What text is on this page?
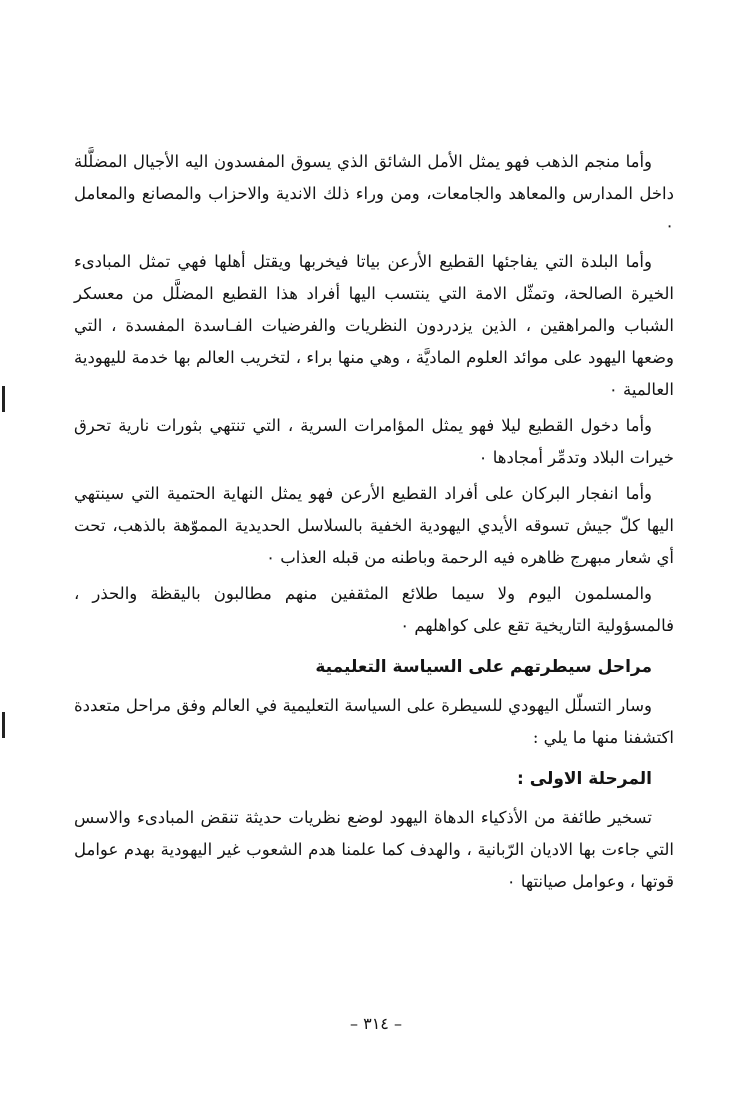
وأما منجم الذهب فهو يمثل الأمل الشائق الذي يسوق المفسدون اليه الأجيال المضلَّلة داخل المدارس والمعاهد والجامعات، ومن وراء ذلك الاندية والاحزاب والمصانع والمعامل ٠

وأما البلدة التي يفاجئها القطيع الأرعن بياتا فيخربها ويقتل أهلها فهي تمثل المبادىء الخيرة الصالحة، وتمثّل الامة التي ينتسب اليها أفراد هذا القطيع المضلَّل من معسكر الشباب والمراهقين ، الذين يزدردون النظريات والفرضيات الفـاسدة المفسدة ، التي وضعها اليهود على موائد العلوم الماديَّة ، وهي منها براء ، لتخريب العالم بها خدمة لليهودية العالمية ٠

وأما دخول القطيع ليلا فهو يمثل المؤامرات السرية ، التي تنتهي بثورات نارية تحرق خيرات البلاد وتدمِّر أمجادها ٠

وأما انفجار البركان على أفراد القطيع الأرعن فهو يمثل النهاية الحتمية التي سينتهي اليها كلّ جيش تسوقه الأيدي اليهودية الخفية بالسلاسل الحديدية المموّهة بالذهب، تحت أي شعار مبهرج ظاهره فيه الرحمة وباطنه من قبله العذاب ٠

والمسلمون اليوم ولا سيما طلائع المثقفين منهم مطالبون باليقظة والحذر ، فالمسؤولية التاريخية تقع على كواهلهم ٠

مراحل سيطرتهم على السياسة التعليمية

وسار التسلّل اليهودي للسيطرة على السياسة التعليمية في العالم وفق مراحل متعددة اكتشفنا منها ما يلي :

المرحلة الاولى :

تسخير طائفة من الأذكياء الدهاة اليهود لوضع نظريات حديثة تنقض المبادىء والاسس التي جاءت بها الاديان الرّبانية ، والهدف كما علمنا هدم الشعوب غير اليهودية بهدم عوامل قوتها ، وعوامل صيانتها ٠

– ٣١٤ –
